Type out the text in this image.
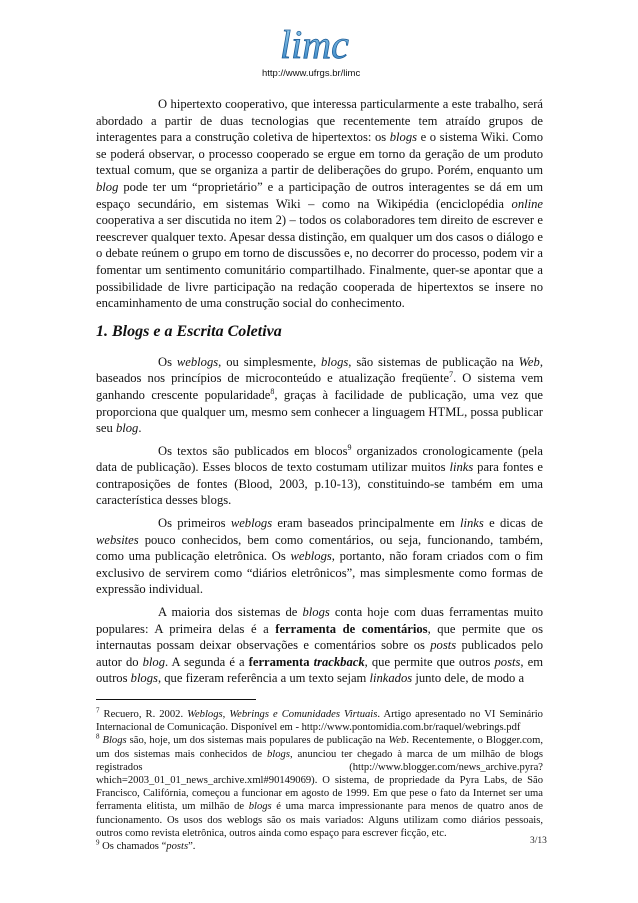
limc
http://www.ufrgs.br/limc

O hipertexto cooperativo, que interessa particularmente a este trabalho, será abordado a partir de duas tecnologias que recentemente tem atraído grupos de interagentes para a construção coletiva de hipertextos: os blogs e o sistema Wiki. Como se poderá observar, o processo cooperado se ergue em torno da geração de um produto textual comum, que se organiza a partir de deliberações do grupo. Porém, enquanto um blog pode ter um “proprietário” e a participação de outros interagentes se dá em um espaço secundário, em sistemas Wiki – como na Wikipédia (enciclopédia online cooperativa a ser discutida no item 2) – todos os colaboradores tem direito de escrever e reescrever qualquer texto. Apesar dessa distinção, em qualquer um dos casos o diálogo e o debate reúnem o grupo em torno de discussões e, no decorrer do processo, podem vir a fomentar um sentimento comunitário compartilhado. Finalmente, quer-se apontar que a possibilidade de livre participação na redação cooperada de hipertextos se insere no encaminhamento de uma construção social do conhecimento.

1. Blogs e a Escrita Coletiva

Os weblogs, ou simplesmente, blogs, são sistemas de publicação na Web, baseados nos princípios de microconteúdo e atualização freqüente$^7$. O sistema vem ganhando crescente popularidade$^8$, graças à facilidade de publicação, uma vez que proporciona que qualquer um, mesmo sem conhecer a linguagem HTML, possa publicar seu blog.

Os textos são publicados em blocos$^9$ organizados cronologicamente (pela data de publicação). Esses blocos de texto costumam utilizar muitos links para fontes e contraposições de fontes (Blood, 2003, p.10-13), constituindo-se também em uma característica desses blogs.

Os primeiros weblogs eram baseados principalmente em links e dicas de websites pouco conhecidos, bem como comentários, ou seja, funcionando, também, como uma publicação eletrônica. Os weblogs, portanto, não foram criados com o fim exclusivo de servirem como “diários eletrônicos”, mas simplesmente como formas de expressão individual.

A maioria dos sistemas de blogs conta hoje com duas ferramentas muito populares: A primeira delas é a ferramenta de comentários, que permite que os internautas possam deixar observações e comentários sobre os posts publicados pelo autor do blog. A segunda é a ferramenta trackback, que permite que outros posts, em outros blogs, que fizeram referência a um texto sejam linkados junto dele, de modo a

$^7$ Recuero, R. 2002. Weblogs, Webrings e Comunidades Virtuais. Artigo apresentado no VI Seminário Internacional de Comunicação. Disponível em - http://www.pontomidia.com.br/raquel/webrings.pdf

$^8$ Blogs são, hoje, um dos sistemas mais populares de publicação na Web. Recentemente, o Blogger.com, um dos sistemas mais conhecidos de blogs, anunciou ter chegado à marca de um milhão de blogs registrados (http://www.blogger.com/news_archive.pyra?which=2003_01_01_news_archive.xml#90149069). O sistema, de propriedade da Pyra Labs, de São Francisco, Califórnia, começou a funcionar em agosto de 1999. Em que pese o fato da Internet ser uma ferramenta elitista, um milhão de blogs é uma marca impressionante para menos de quatro anos de funcionamento. Os usos dos weblogs são os mais variados: Alguns utilizam como diários pessoais, outros como revista eletrônica, outros ainda como espaço para escrever ficção, etc.

$^9$ Os chamados “posts”.

3/13
